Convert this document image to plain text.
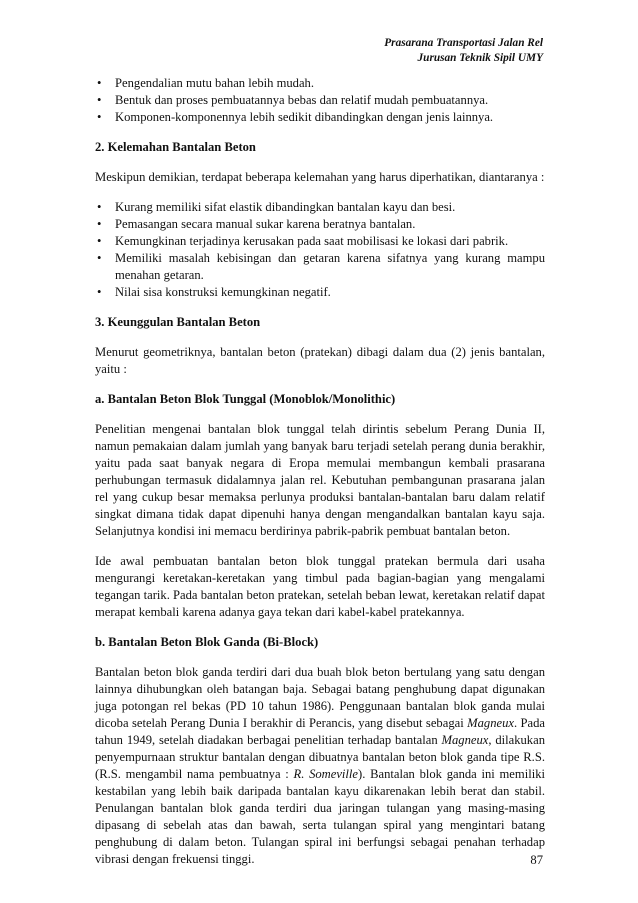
Prasarana Transportasi Jalan Rel
Jurusan Teknik Sipil UMY
• Pengendalian mutu bahan lebih mudah.
• Bentuk dan proses pembuatannya bebas dan relatif mudah pembuatannya.
• Komponen-komponennya lebih sedikit dibandingkan dengan jenis lainnya.
2. Kelemahan Bantalan Beton

Meskipun demikian, terdapat beberapa kelemahan yang harus diperhatikan, diantaranya :

• Kurang memiliki sifat elastik dibandingkan bantalan kayu dan besi.
• Pemasangan secara manual sukar karena beratnya bantalan.
• Kemungkinan terjadinya kerusakan pada saat mobilisasi ke lokasi dari pabrik.
• Memiliki masalah kebisingan dan getaran karena sifatnya yang kurang mampu menahan getaran.
• Nilai sisa konstruksi kemungkinan negatif.
3. Keunggulan Bantalan Beton

Menurut geometriknya, bantalan beton (pratekan) dibagi dalam dua (2) jenis bantalan, yaitu :

a. Bantalan Beton Blok Tunggal (Monoblok/Monolithic)

Penelitian mengenai bantalan blok tunggal telah dirintis sebelum Perang Dunia II, namun pemakaian dalam jumlah yang banyak baru terjadi setelah perang dunia berakhir, yaitu pada saat banyak negara di Eropa memulai membangun kembali prasarana perhubungan termasuk didalamnya jalan rel. Kebutuhan pembangunan prasarana jalan rel yang cukup besar memaksa perlunya produksi bantalan-bantalan baru dalam relatif singkat dimana tidak dapat dipenuhi hanya dengan mengandalkan bantalan kayu saja. Selanjutnya kondisi ini memacu berdirinya pabrik-pabrik pembuat bantalan beton.

Ide awal pembuatan bantalan beton blok tunggal pratekan bermula dari usaha mengurangi keretakan-keretakan yang timbul pada bagian-bagian yang mengalami tegangan tarik. Pada bantalan beton pratekan, setelah beban lewat, keretakan relatif dapat merapat kembali karena adanya gaya tekan dari kabel-kabel pratekannya.

b. Bantalan Beton Blok Ganda (Bi-Block)

Bantalan beton blok ganda terdiri dari dua buah blok beton bertulang yang satu dengan lainnya dihubungkan oleh batangan baja. Sebagai batang penghubung dapat digunakan juga potongan rel bekas (PD 10 tahun 1986). Penggunaan bantalan blok ganda mulai dicoba setelah Perang Dunia I berakhir di Perancis, yang disebut sebagai Magneux. Pada tahun 1949, setelah diadakan berbagai penelitian terhadap bantalan Magneux, dilakukan penyempurnaan struktur bantalan dengan dibuatnya bantalan beton blok ganda tipe R.S. (R.S. mengambil nama pembuatnya : R. Someville). Bantalan blok ganda ini memiliki kestabilan yang lebih baik daripada bantalan kayu dikarenakan lebih berat dan stabil. Penulangan bantalan blok ganda terdiri dua jaringan tulangan yang masing-masing dipasang di sebelah atas dan bawah, serta tulangan spiral yang mengintari batang penghubung di dalam beton. Tulangan spiral ini berfungsi sebagai penahan terhadap vibrasi dengan frekuensi tinggi.	87
